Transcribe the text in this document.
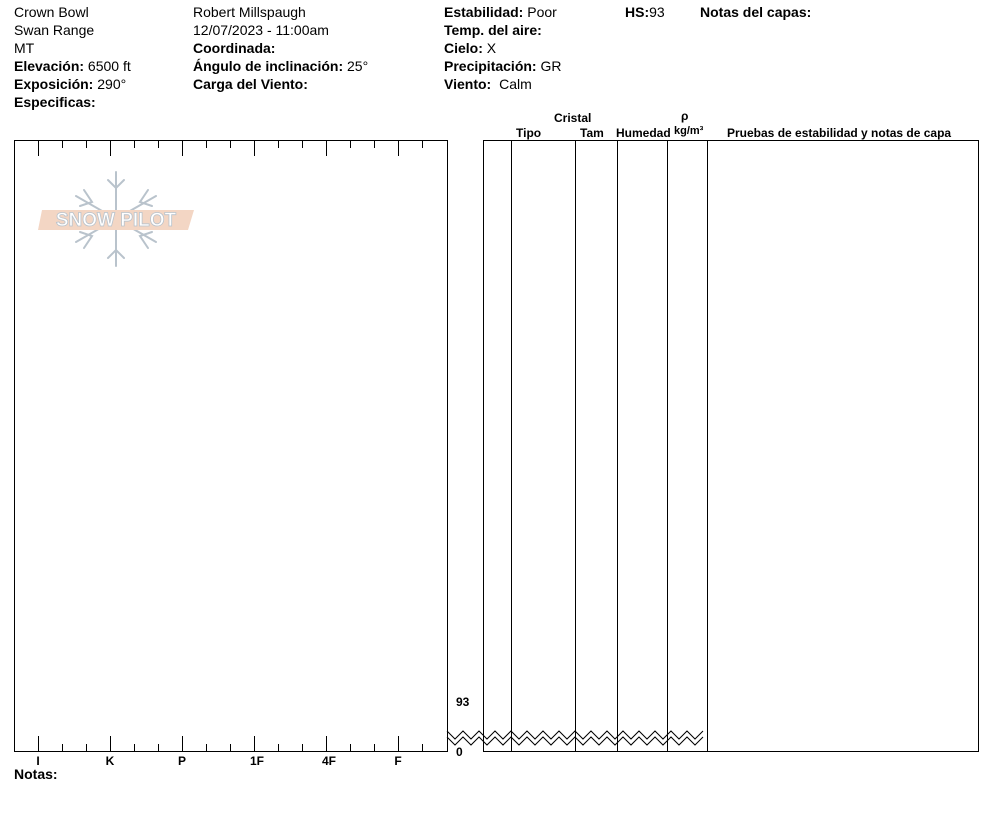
Crown Bowl
Swan Range
MT
Elevación: 6500 ft
Exposición: 290°
Especificas:
Robert Millspaugh
12/07/2023 - 11:00am
Coordinada:
Ángulo de inclinación: 25°
Carga del Viento:
Estabilidad: Poor
Temp. del aire:
Cielo: X
Precipitación: GR
Viento: Calm
HS:93	Notas del capas:
Cristal
Tipo	Tam Humedad
ρ
kg/m³ Pruebas de estabilidad y notas de capa
SNOW PILOT
93
0
I	K	P	1F	4F	F
Notas:
